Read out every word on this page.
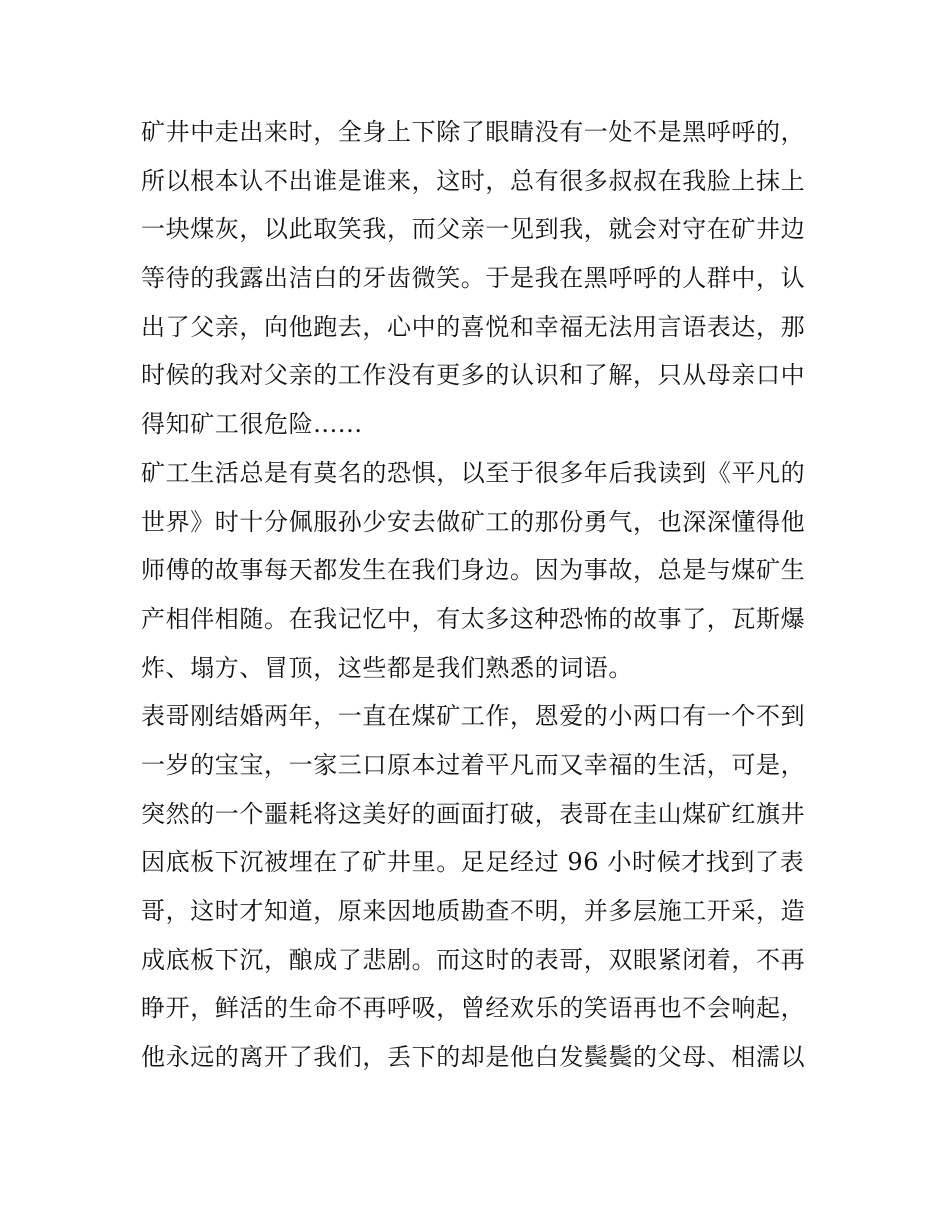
矿井中走出来时，全身上下除了眼睛没有一处不是黑呼呼的，
所以根本认不出谁是谁来，这时，总有很多叔叔在我脸上抹上
一块煤灰，以此取笑我，而父亲一见到我，就会对守在矿井边
等待的我露出洁白的牙齿微笑。于是我在黑呼呼的人群中，认
出了父亲，向他跑去，心中的喜悦和幸福无法用言语表达，那
时候的我对父亲的工作没有更多的认识和了解，只从母亲口中
得知矿工很危险......
矿工生活总是有莫名的恐惧，以至于很多年后我读到《平凡的
世界》时十分佩服孙少安去做矿工的那份勇气，也深深懂得他
师傅的故事每天都发生在我们身边。因为事故，总是与煤矿生
产相伴相随。在我记忆中，有太多这种恐怖的故事了，瓦斯爆
炸、塌方、冒顶，这些都是我们熟悉的词语。
表哥刚结婚两年，一直在煤矿工作，恩爱的小两口有一个不到
一岁的宝宝，一家三口原本过着平凡而又幸福的生活，可是，
突然的一个噩耗将这美好的画面打破，表哥在圭山煤矿红旗井
因底板下沉被埋在了矿井里。足足经过 96 小时候才找到了表
哥，这时才知道，原来因地质勘查不明，并多层施工开采，造
成底板下沉，酿成了悲剧。而这时的表哥，双眼紧闭着，不再
睁开，鲜活的生命不再呼吸，曾经欢乐的笑语再也不会响起，
他永远的离开了我们，丢下的却是他白发鬓鬓的父母、相濡以
